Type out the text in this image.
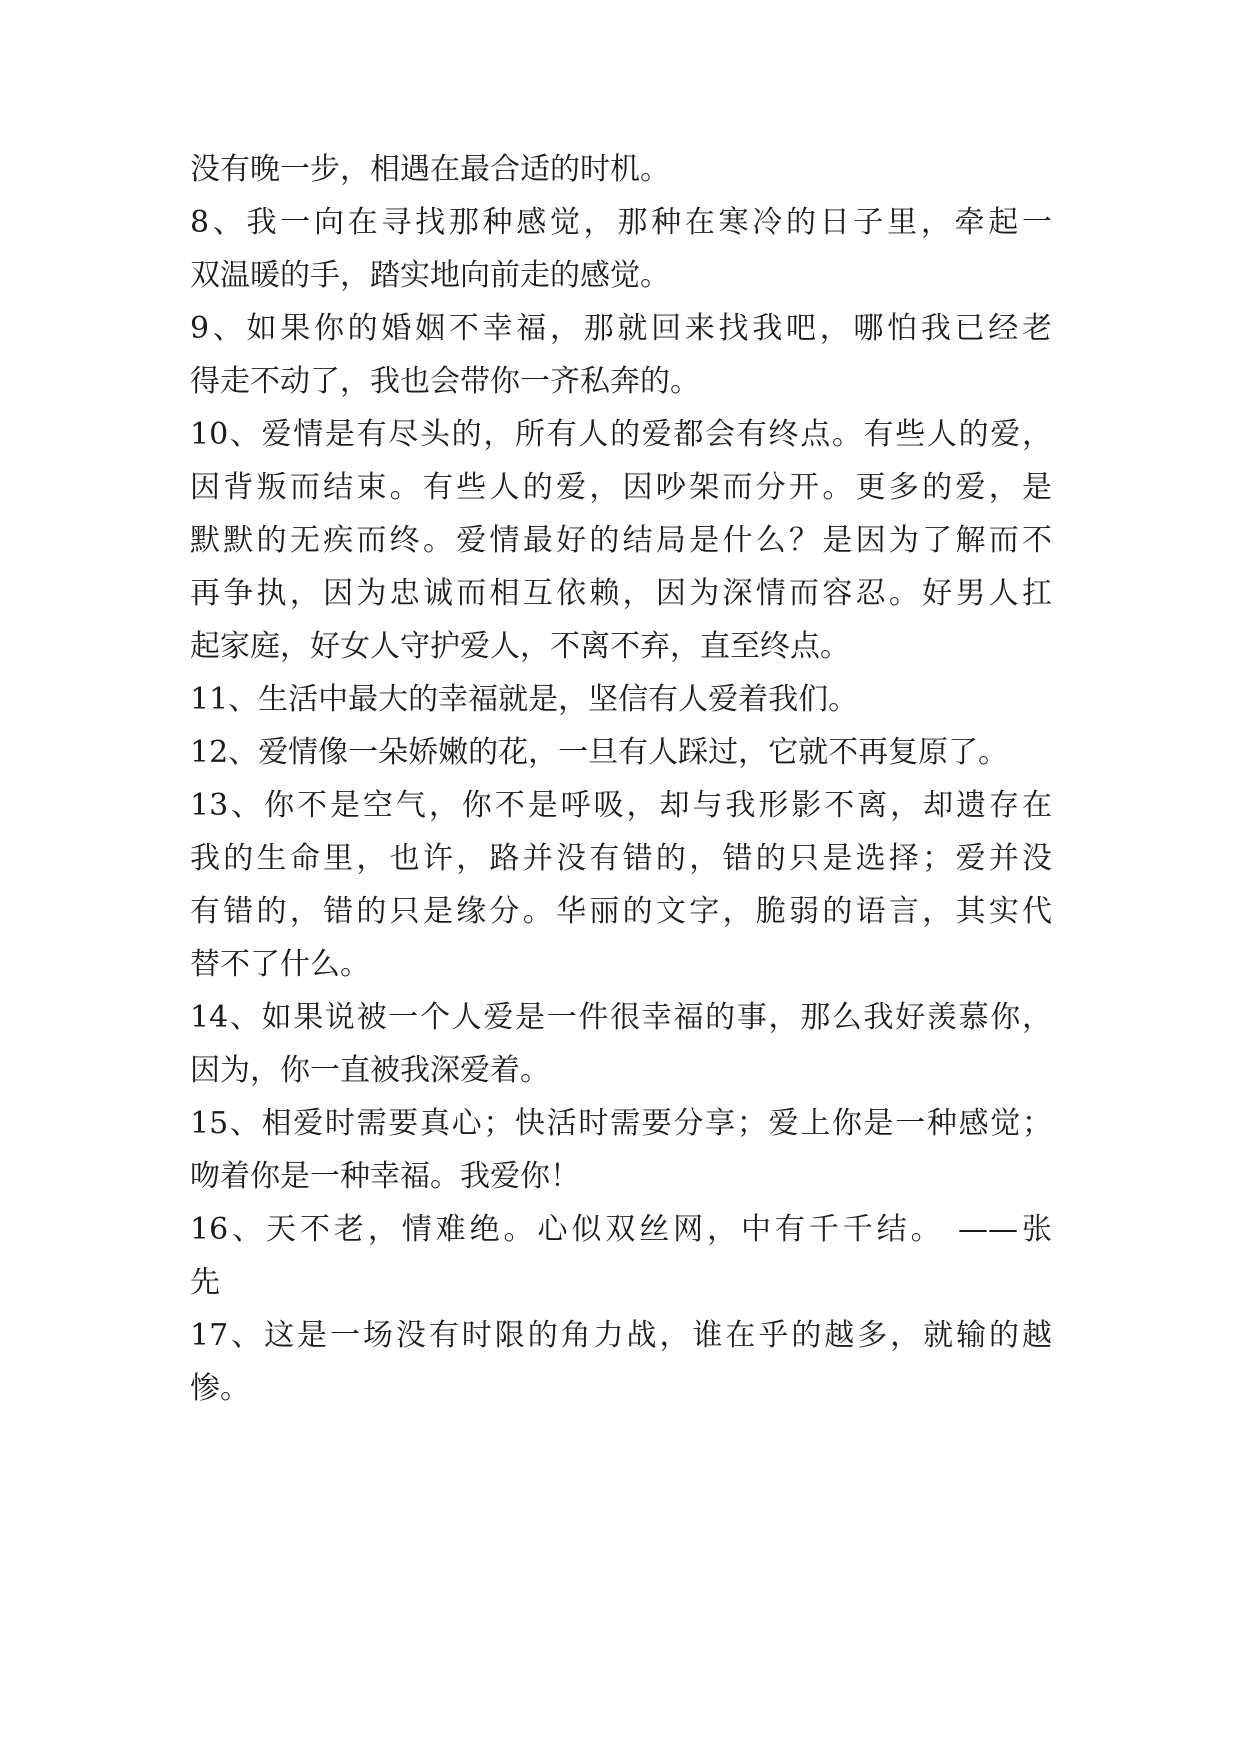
没有晚一步，相遇在最合适的时机。
8、我一向在寻找那种感觉，那种在寒冷的日子里，牵起一
双温暖的手，踏实地向前走的感觉。
9、如果你的婚姻不幸福，那就回来找我吧，哪怕我已经老
得走不动了，我也会带你一齐私奔的。
10、爱情是有尽头的，所有人的爱都会有终点。有些人的爱，
因背叛而结束。有些人的爱，因吵架而分开。更多的爱，是
默默的无疾而终。爱情最好的结局是什么？是因为了解而不
再争执，因为忠诚而相互依赖，因为深情而容忍。好男人扛
起家庭，好女人守护爱人，不离不弃，直至终点。
11、生活中最大的幸福就是，坚信有人爱着我们。
12、爱情像一朵娇嫩的花，一旦有人踩过，它就不再复原了。
13、你不是空气，你不是呼吸，却与我形影不离，却遗存在
我的生命里，也许，路并没有错的，错的只是选择；爱并没
有错的，错的只是缘分。华丽的文字，脆弱的语言，其实代
替不了什么。
14、如果说被一个人爱是一件很幸福的事，那么我好羡慕你，
因为，你一直被我深爱着。
15、相爱时需要真心；快活时需要分享；爱上你是一种感觉；
吻着你是一种幸福。我爱你！
16、天不老，情难绝。心似双丝网，中有千千结。 ——张
先
17、这是一场没有时限的角力战，谁在乎的越多，就输的越
惨。
